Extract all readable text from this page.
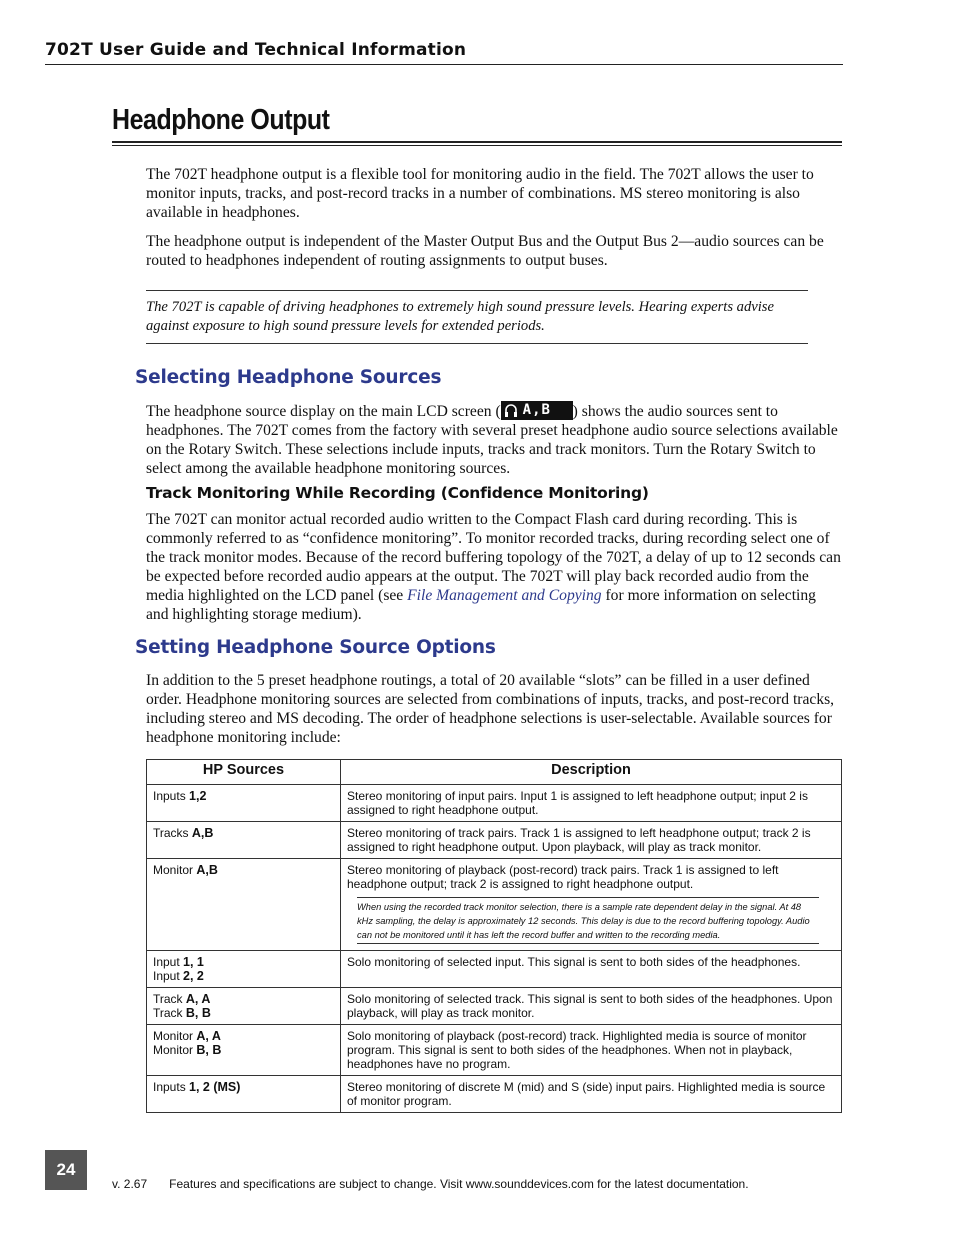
702T User Guide and Technical Information
Headphone Output
The 702T headphone output is a flexible tool for monitoring audio in the field. The 702T allows the user to monitor inputs, tracks, and post-record tracks in a number of combinations. MS stereo monitoring is also available in headphones.
The headphone output is independent of the Master Output Bus and the Output Bus 2—audio sources can be routed to headphones independent of routing assignments to output buses.
The 702T is capable of driving headphones to extremely high sound pressure levels. Hearing experts advise against exposure to high sound pressure levels for extended periods.
Selecting Headphone Sources
The headphone source display on the main LCD screen ( A,B ) shows the audio sources sent to headphones. The 702T comes from the factory with several preset headphone audio source selections available on the Rotary Switch. These selections include inputs, tracks and track monitors. Turn the Rotary Switch to select among the available headphone monitoring sources.
Track Monitoring While Recording (Confidence Monitoring)
The 702T can monitor actual recorded audio written to the Compact Flash card during recording. This is commonly referred to as “confidence monitoring”. To monitor recorded tracks, during recording select one of the track monitor modes. Because of the record buffering topology of the 702T, a delay of up to 12 seconds can be expected before recorded audio appears at the output. The 702T will play back recorded audio from the media highlighted on the LCD panel (see File Management and Copying for more information on selecting and highlighting storage medium).
Setting Headphone Source Options
In addition to the 5 preset headphone routings, a total of 20 available “slots” can be filled in a user defined order. Headphone monitoring sources are selected from combinations of inputs, tracks, and post-record tracks, including stereo and MS decoding. The order of headphone selections is user-selectable. Available sources for headphone monitoring include:
HP Sources	Description

Inputs 1,2	Stereo monitoring of input pairs. Input 1 is assigned to left headphone output; input 2 is assigned to right headphone output.

Tracks A,B	Stereo monitoring of track pairs. Track 1 is assigned to left headphone output; track 2 is assigned to right headphone output. Upon playback, will play as track monitor.

Monitor A,B	Stereo monitoring of playback (post-record) track pairs. Track 1 is assigned to left headphone output; track 2 is assigned to right headphone output.
When using the recorded track monitor selection, there is a sample rate dependent delay in the signal. At 48 kHz sampling, the delay is approximately 12 seconds. This delay is due to the record buffering topology. Audio can not be monitored until it has left the record buffer and written to the recording media.

Input 1, 1
Input 2, 2	Solo monitoring of selected input. This signal is sent to both sides of the headphones.

Track A, A
Track B, B	Solo monitoring of selected track. This signal is sent to both sides of the headphones. Upon playback, will play as track monitor.

Monitor A, A
Monitor B, B	Solo monitoring of playback (post-record) track. Highlighted media is source of monitor program. This signal is sent to both sides of the headphones. When not in playback, headphones have no program.

Inputs 1, 2 (MS)	Stereo monitoring of discrete M (mid) and S (side) input pairs. Highlighted media is source of monitor program.
24
v. 2.67 Features and specifications are subject to change. Visit www.sounddevices.com for the latest documentation.
